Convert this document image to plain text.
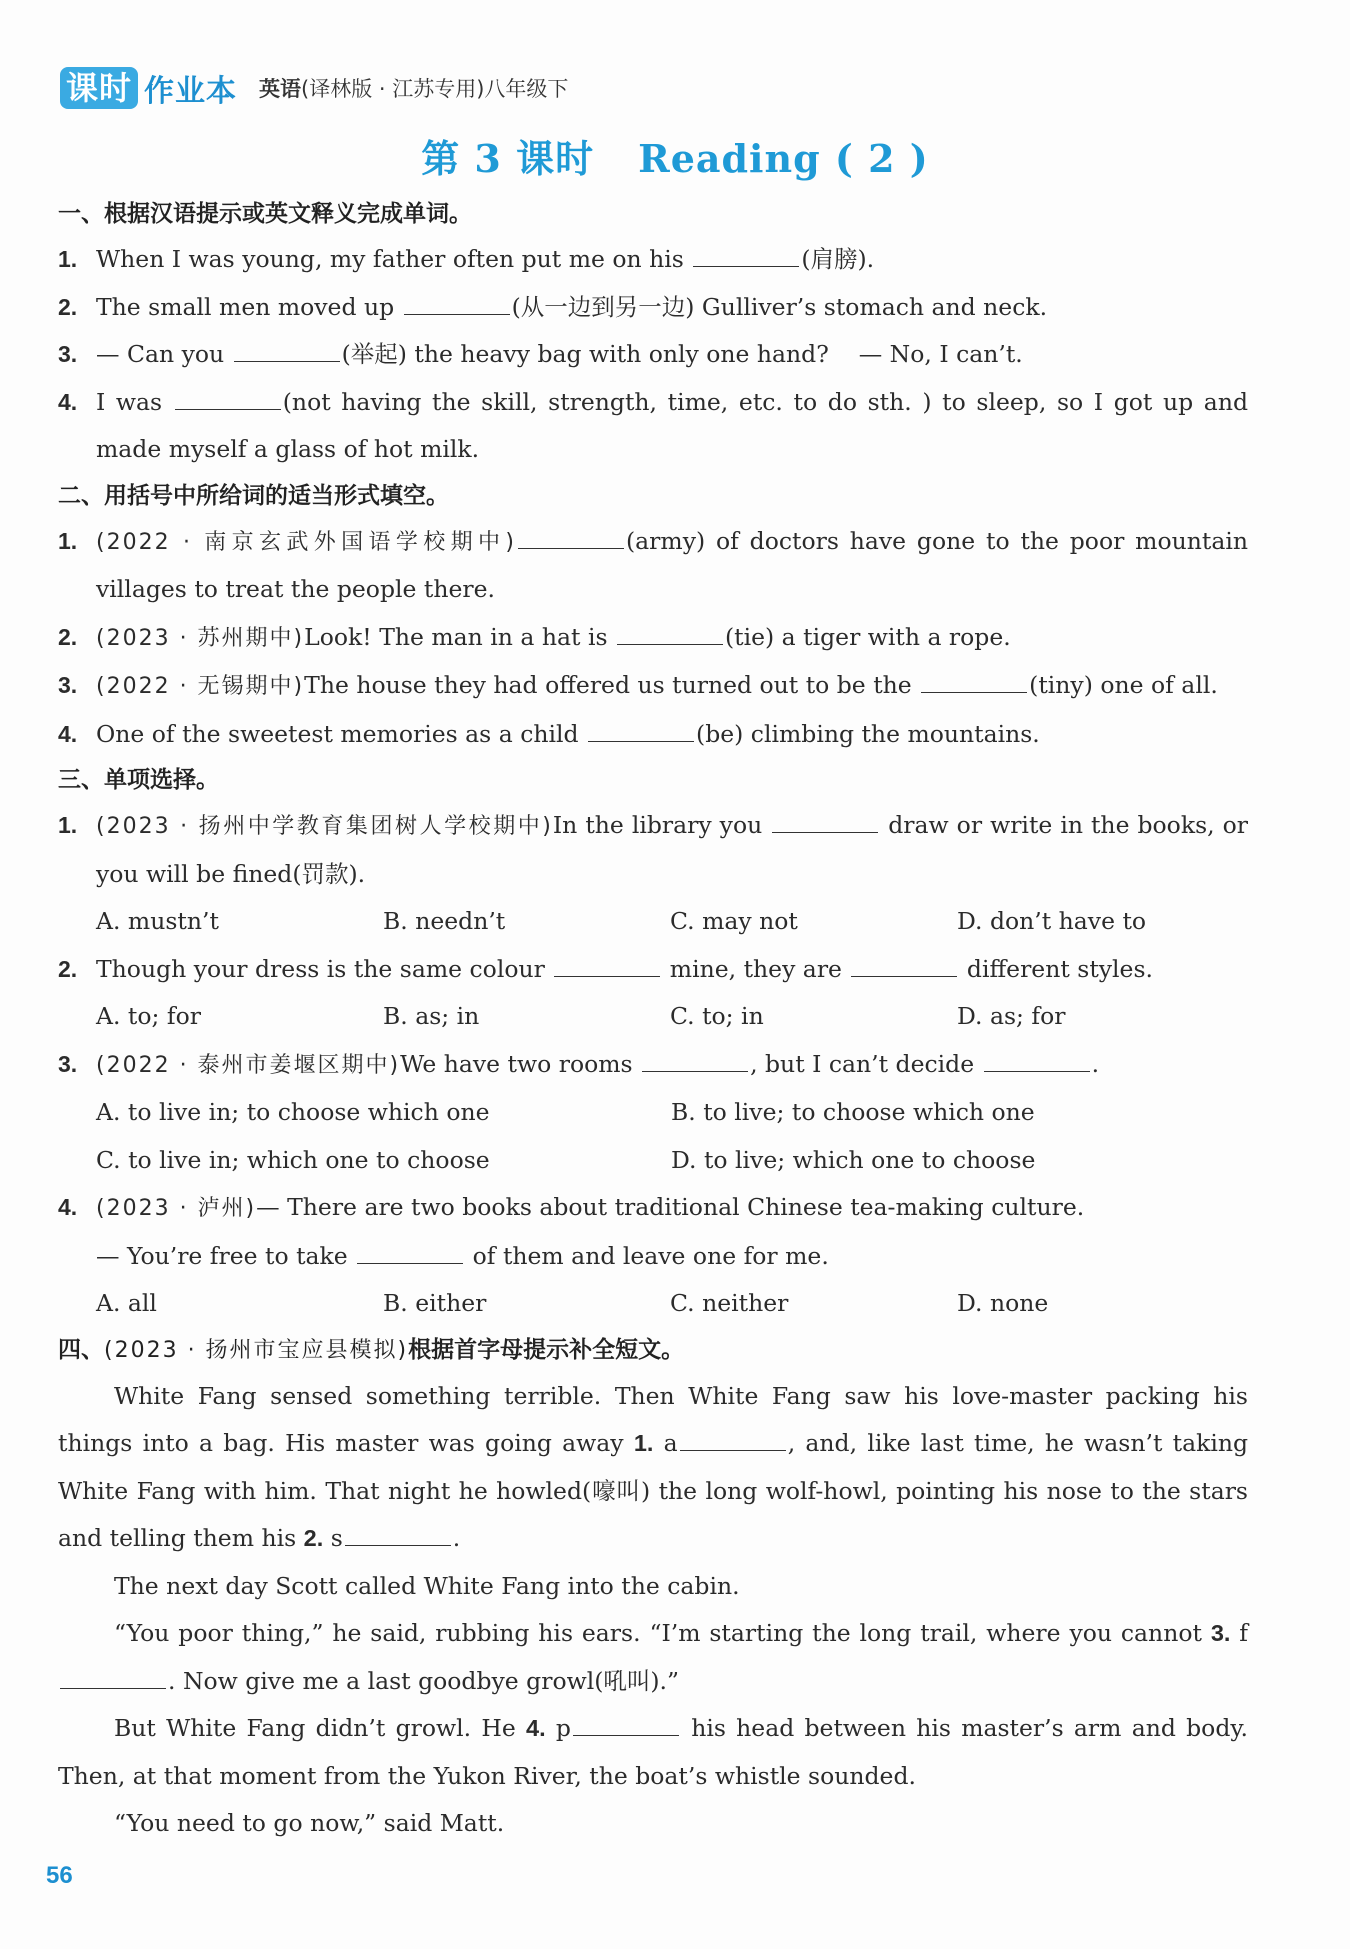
课时 作业本 英语(译林版 · 江苏专用)八年级下
第 3 课时 Reading ( 2 )
一、根据汉语提示或英文释义完成单词。
1. When I was young, my father often put me on his	(肩膀).
2. The small men moved up	(从一边到另一边) Gulliver’s stomach and neck.
3. — Can you	(举起) the heavy bag with only one hand?    — No, I can’t.
4. I was	(not having the skill, strength, time, etc. to do sth. ) to sleep, so I got up and made myself a glass of hot milk.
二、用括号中所给词的适当形式填空。
1. (2022 · 南京玄武外国语学校期中)	(army) of doctors have gone to the poor mountain villages to treat the people there.
2. (2023 · 苏州期中)Look! The man in a hat is	(tie) a tiger with a rope.
3. (2022 · 无锡期中)The house they had offered us turned out to be the	(tiny) one of all.
4. One of the sweetest memories as a child	(be) climbing the mountains.
三、单项选择。
1. (2023 · 扬州中学教育集团树人学校期中)In the library you	draw or write in the books, or you will be fined(罚款).
A. mustn’t	B. needn’t	C. may not	D. don’t have to
2. Though your dress is the same colour	mine, they are	different styles.
A. to; for	B. as; in	C. to; in	D. as; for
3. (2022 · 泰州市姜堰区期中)We have two rooms	, but I can’t decide	.
A. to live in; to choose which one	B. to live; to choose which one
C. to live in; which one to choose	D. to live; which one to choose
4. (2023 · 泸州)— There are two books about traditional Chinese tea-making culture.
— You’re free to take	of them and leave one for me.
A. all	B. either	C. neither	D. none
四、(2023 · 扬州市宝应县模拟)根据首字母提示补全短文。
White Fang sensed something terrible. Then White Fang saw his love-master packing his things into a bag. His master was going away 1. a	, and, like last time, he wasn’t taking White Fang with him. That night he howled(嚎叫) the long wolf-howl, pointing his nose to the stars and telling them his 2. s	.
The next day Scott called White Fang into the cabin.
“You poor thing,” he said, rubbing his ears. “I’m starting the long trail, where you cannot 3. f. Now give me a last goodbye growl(吼叫).”
But White Fang didn’t growl. He 4. p	his head between his master’s arm and body. Then, at that moment from the Yukon River, the boat’s whistle sounded.
“You need to go now,” said Matt.
56
